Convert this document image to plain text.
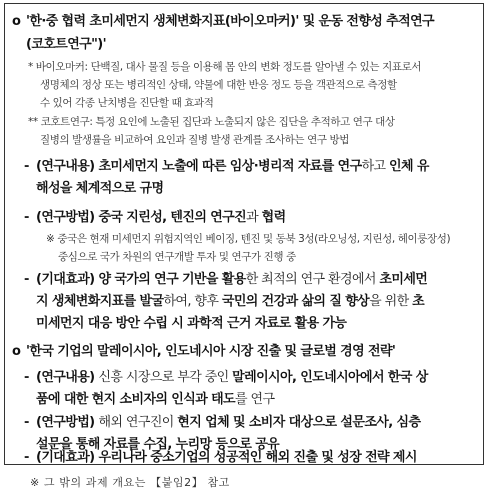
o '한·중 협력 초미세먼지 생체변화지표(바이오마커)' 및 운동 전향성 추적연구
(코호트연구")'
* 바이오마커: 단백질, 대사 물질 등을 이용해 몸 안의 변화 정도를 알아낼 수 있는 지표로서
생명체의 정상 또는 병리적인 상태, 약물에 대한 반응 정도 등을 객관적으로 측정할
수 있어 각종 난치병을 진단할 때 효과적
** 코호트연구: 특정 요인에 노출된 집단과 노출되지 않은 집단을 추적하고 연구 대상
질병의 발생률을 비교하여 요인과 질병 발생 관계를 조사하는 연구 방법
- (연구내용) 초미세먼지 노출에 따른 임상·병리적 자료를 연구하고 인체 유
해성을 체계적으로 규명
- (연구방법) 중국 지린성, 텐진의 연구진과 협력
※ 중국은 현재 미세먼지 위험지역인 베이징, 텐진 및 동북 3성(라오닝성, 지린성, 헤이룽장성)
중심으로 국가 차원의 연구개발 투자 및 연구가 진행 중
- (기대효과) 양 국가의 연구 기반을 활용한 최적의 연구 환경에서 초미세먼
지 생체변화지표를 발굴하여, 향후 국민의 건강과 삶의 질 향상을 위한 초
미세먼지 대응 방안 수립 시 과학적 근거 자료로 활용 가능
o '한국 기업의 말레이시아, 인도네시아 시장 진출 및 글로벌 경영 전략'
- (연구내용) 신흥 시장으로 부각 중인 말레이시아, 인도네시아에서 한국 상
품에 대한 현지 소비자의 인식과 태도를 연구
- (연구방법) 해외 연구진이 현지 업체 및 소비자 대상으로 설문조사, 심층
설문을 통해 자료를 수집, 누리망 등으로 공유
※ 그 밖의 과제 개요는 【붙임2】 참고
- (기대효과) 우리나라 중소기업의 성공적인 해외 진출 및 성장 전략 제시
